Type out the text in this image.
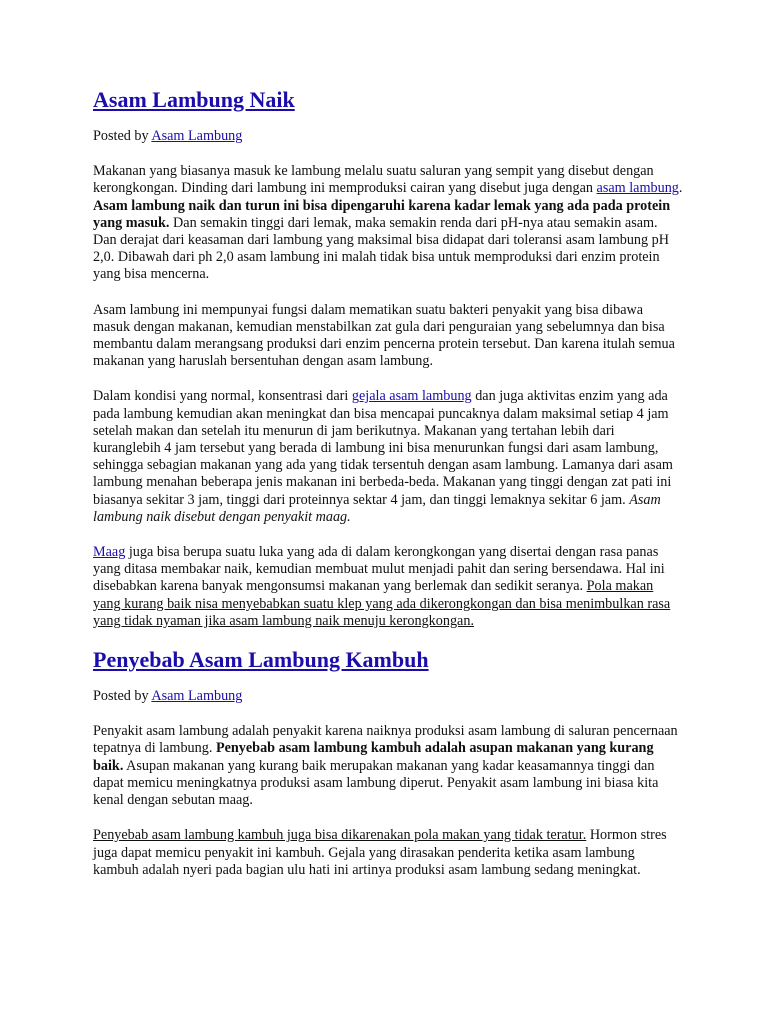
Asam Lambung Naik

Posted by Asam Lambung

Makanan yang biasanya masuk ke lambung melalu suatu saluran yang sempit yang disebut dengan kerongkongan. Dinding dari lambung ini memproduksi cairan yang disebut juga dengan asam lambung. Asam lambung naik dan turun ini bisa dipengaruhi karena kadar lemak yang ada pada protein yang masuk. Dan semakin tinggi dari lemak, maka semakin renda dari pH-nya atau semakin asam. Dan derajat dari keasaman dari lambung yang maksimal bisa didapat dari toleransi asam lambung pH 2,0. Dibawah dari ph 2,0 asam lambung ini malah tidak bisa untuk memproduksi dari enzim protein yang bisa mencerna.

Asam lambung ini mempunyai fungsi dalam mematikan suatu bakteri penyakit yang bisa dibawa masuk dengan makanan, kemudian menstabilkan zat gula dari penguraian yang sebelumnya dan bisa membantu dalam merangsang produksi dari enzim pencerna protein tersebut. Dan karena itulah semua makanan yang haruslah bersentuhan dengan asam lambung.

Dalam kondisi yang normal, konsentrasi dari gejala asam lambung dan juga aktivitas enzim yang ada pada lambung kemudian akan meningkat dan bisa mencapai puncaknya dalam maksimal setiap 4 jam setelah makan dan setelah itu menurun di jam berikutnya. Makanan yang tertahan lebih dari kuranglebih 4 jam tersebut yang berada di lambung ini bisa menurunkan fungsi dari asam lambung, sehingga sebagian makanan yang ada yang tidak tersentuh dengan asam lambung. Lamanya dari asam lambung menahan beberapa jenis makanan ini berbeda-beda. Makanan yang tinggi dengan zat pati ini biasanya sekitar 3 jam, tinggi dari proteinnya sektar 4 jam, dan tinggi lemaknya sekitar 6 jam. Asam lambung naik disebut dengan penyakit maag.

Maag juga bisa berupa suatu luka yang ada di dalam kerongkongan yang disertai dengan rasa panas yang ditasa membakar naik, kemudian membuat mulut menjadi pahit dan sering bersendawa. Hal ini disebabkan karena banyak mengonsumsi makanan yang berlemak dan sedikit seranya. Pola makan yang kurang baik nisa menyebabkan suatu klep yang ada dikerongkongan dan bisa menimbulkan rasa yang tidak nyaman jika asam lambung naik menuju kerongkongan.

Penyebab Asam Lambung Kambuh

Posted by Asam Lambung

Penyakit asam lambung adalah penyakit karena naiknya produksi asam lambung di saluran pencernaan tepatnya di lambung. Penyebab asam lambung kambuh adalah asupan makanan yang kurang baik. Asupan makanan yang kurang baik merupakan makanan yang kadar keasamannya tinggi dan dapat memicu meningkatnya produksi asam lambung diperut. Penyakit asam lambung ini biasa kita kenal dengan sebutan maag.

Penyebab asam lambung kambuh juga bisa dikarenakan pola makan yang tidak teratur. Hormon stres juga dapat memicu penyakit ini kambuh. Gejala yang dirasakan penderita ketika asam lambung kambuh adalah nyeri pada bagian ulu hati ini artinya produksi asam lambung sedang meningkat.
